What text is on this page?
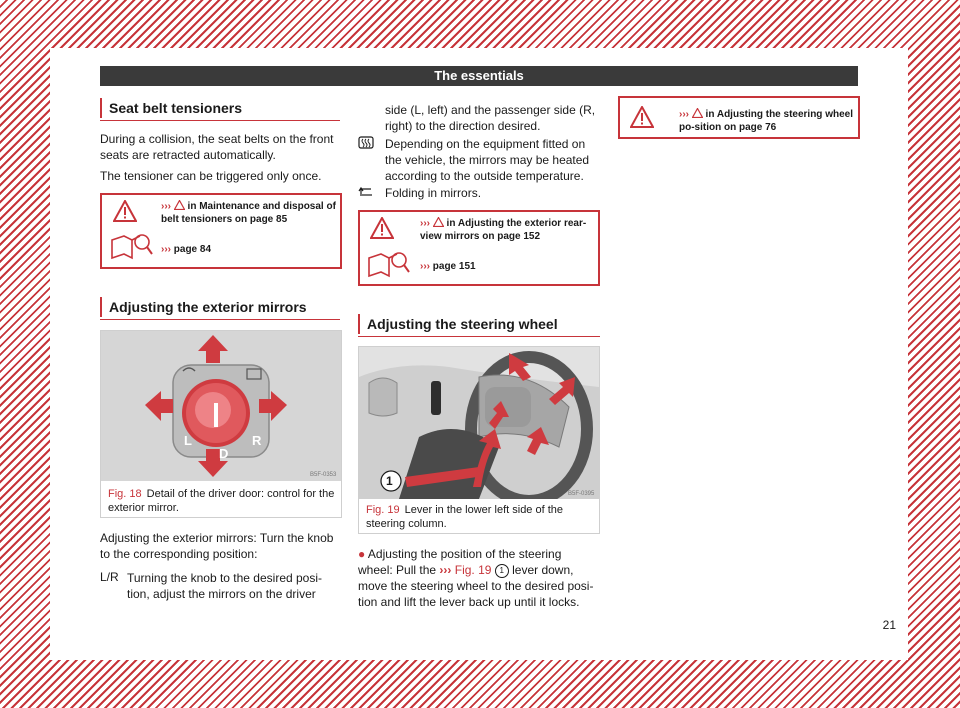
The essentials
Seat belt tensioners
During a collision, the seat belts on the front seats are retracted automatically.
The tensioner can be triggered only once.
›››  in Maintenance and disposal of belt tensioners on page 85
››› page 84
Adjusting the exterior mirrors
L
D
R
B5F-0353
Fig. 18 Detail of the driver door: control for the exterior mirror.
Adjusting the exterior mirrors: Turn the knob to the corresponding position:
L/R Turning the knob to the desired posi-tion, adjust the mirrors on the driver
side (L, left) and the passenger side (R, right) to the direction desired.
Depending on the equipment fitted on the vehicle, the mirrors may be heated according to the outside temperature.
Folding in mirrors.
›››  in Adjusting the exterior rear-view mirrors on page 152
››› page 151
Adjusting the steering wheel
1
B5F-0395
Fig. 19 Lever in the lower left side of the steering column.
● Adjusting the position of the steering wheel: Pull the ››› Fig. 19 1 lever down, move the steering wheel to the desired posi-tion and lift the lever back up until it locks.
›››  in Adjusting the steering wheel po-sition on page 76
21
